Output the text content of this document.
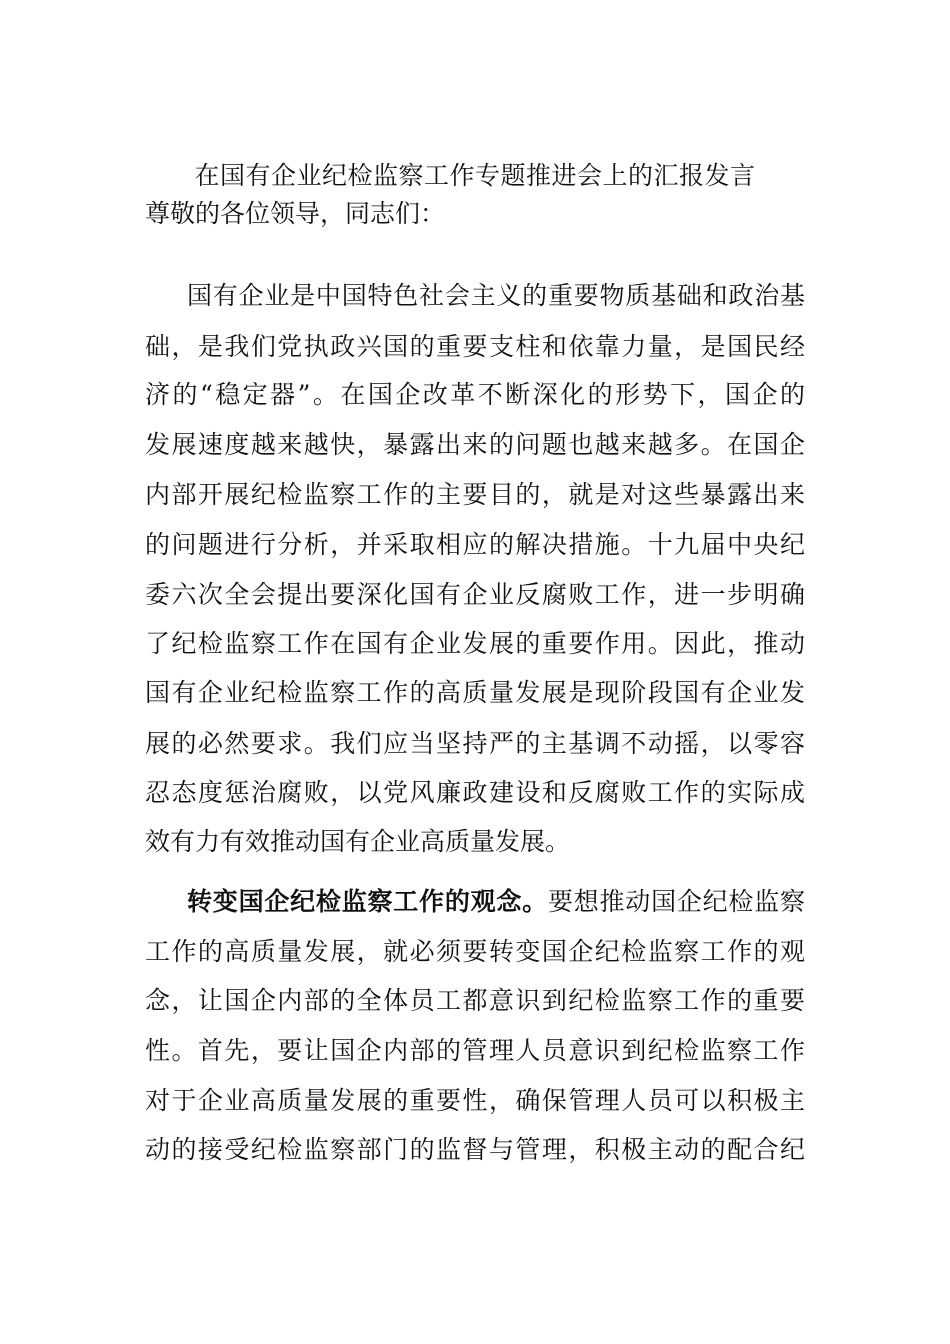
在国有企业纪检监察工作专题推进会上的汇报发言
尊敬的各位领导，同志们：
国有企业是中国特色社会主义的重要物质基础和政治基
础，是我们党执政兴国的重要支柱和依靠力量，是国民经
济的“稳定器”。在国企改革不断深化的形势下，国企的
发展速度越来越快，暴露出来的问题也越来越多。在国企
内部开展纪检监察工作的主要目的，就是对这些暴露出来
的问题进行分析，并采取相应的解决措施。十九届中央纪
委六次全会提出要深化国有企业反腐败工作，进一步明确
了纪检监察工作在国有企业发展的重要作用。因此，推动
国有企业纪检监察工作的高质量发展是现阶段国有企业发
展的必然要求。我们应当坚持严的主基调不动摇，以零容
忍态度惩治腐败，以党风廉政建设和反腐败工作的实际成
效有力有效推动国有企业高质量发展。
转变国企纪检监察工作的观念。要想推动国企纪检监察
工作的高质量发展，就必须要转变国企纪检监察工作的观
念，让国企内部的全体员工都意识到纪检监察工作的重要
性。首先，要让国企内部的管理人员意识到纪检监察工作
对于企业高质量发展的重要性，确保管理人员可以积极主
动的接受纪检监察部门的监督与管理，积极主动的配合纪
